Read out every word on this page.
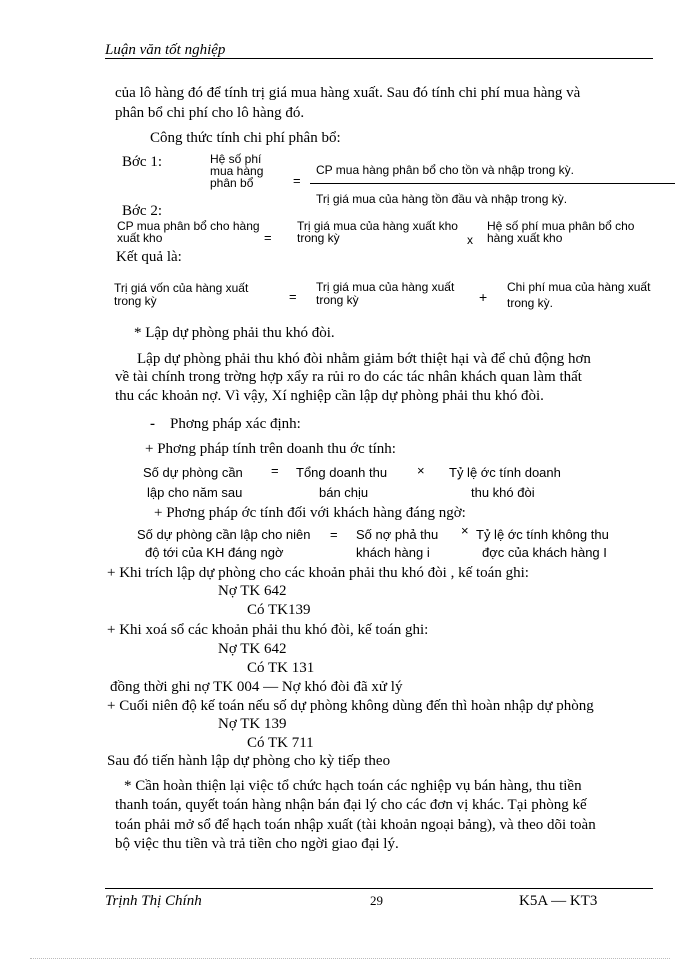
Luận văn tốt nghiệp
của lô hàng đó để tính trị giá mua hàng xuất. Sau đó tính chi phí mua hàng và
phân bổ chi phí cho lô hàng đó.
Công thức tính chi phí phân bổ:
Bớc 1:	Hệ số phí
mua hàng
phân bổ	=
CP mua hàng phân bổ cho tồn và nhập trong kỳ.
Trị giá mua của hàng tồn đầu và nhập trong kỳ.
Bớc 2:
CP mua phân bổ cho hàng
xuất kho	=
Trị giá mua của hàng xuất kho
trong kỳ	x
Hệ số phí mua phân bổ cho
hàng xuất kho
Kết quả là:
Trị giá vốn của hàng xuất
trong kỳ	=
Trị giá mua của hàng xuất
trong kỳ	+
Chi phí mua của hàng xuất
trong kỳ.
* Lập dự phòng phải thu khó đòi.
Lập dự phòng phải thu khó đòi nhằm giảm bớt thiệt hại và để chủ động hơn
về tài chính trong trờng hợp xẩy ra rủi ro do các tác nhân khách quan làm thất
thu các khoản nợ. Vì vậy, Xí nghiệp cần lập dự phòng phải thu khó đòi.
- Phơng pháp xác định:
+ Phơng pháp tính trên doanh thu ớc tính:
Số dự phòng cần
lập cho năm sau
= Tổng doanh thu
bán chịu
× Tỷ lệ ớc tính doanh
thu khó đòi
+ Phơng pháp ớc tính đối với khách hàng đáng ngờ:
Số dự phòng cần lập cho niên
độ tới của KH đáng ngờ
= Số nợ phả thu
khách hàng i
× Tỷ lệ ớc tính không thu
đợc của khách hàng I
+ Khi trích lập dự phòng cho các khoản phải thu khó đòi , kế toán ghi:
Nợ TK 642
Có TK139
+ Khi xoá sổ các khoản phải thu khó đòi, kế toán ghi:
Nợ TK 642
Có TK 131
đồng thời ghi nợ TK 004 — Nợ khó đòi đã xử lý
+ Cuối niên độ kế toán nếu số dự phòng không dùng đến thì hoàn nhập dự phòng
Nợ TK 139
Có TK 711
Sau đó tiến hành lập dự phòng cho kỳ tiếp theo
* Cần hoàn thiện lại việc tổ chức hạch toán các nghiệp vụ bán hàng, thu tiền
thanh toán, quyết toán hàng nhận bán đại lý cho các đơn vị khác. Tại phòng kế
toán phải mở sổ để hạch toán nhập xuất (tài khoản ngoại bảng), và theo dõi toàn
bộ việc thu tiền và trả tiền cho ngời giao đại lý.
Trịnh Thị Chính	29	K5A — KT3
